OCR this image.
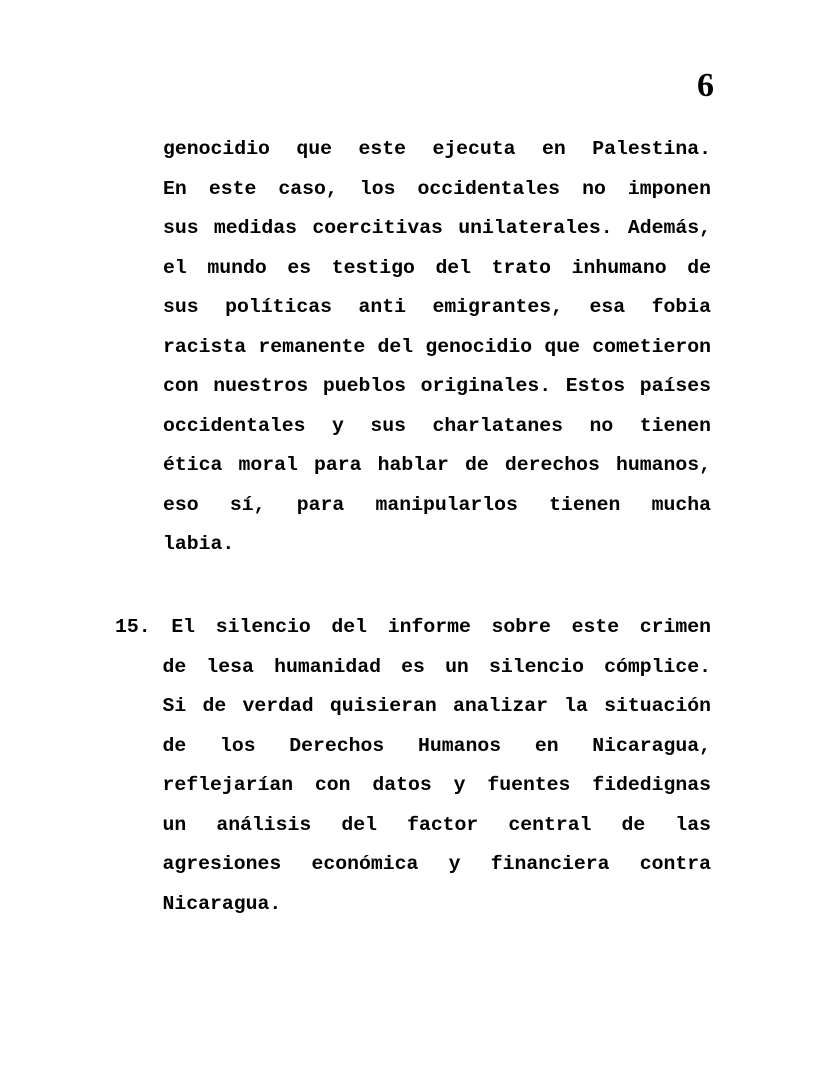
6
genocidio que este ejecuta en Palestina.
En este caso, los occidentales no imponen
sus medidas coercitivas unilaterales. Además,
el mundo es testigo del trato inhumano de
sus políticas anti emigrantes, esa fobia
racista remanente del genocidio que cometieron
con nuestros pueblos originales. Estos países
occidentales y sus charlatanes no tienen
ética moral para hablar de derechos humanos,
eso sí, para manipularlos tienen mucha
labia.
15. El silencio del informe sobre este crimen
de lesa humanidad es un silencio cómplice.
Si de verdad quisieran analizar la situación
de los Derechos Humanos en Nicaragua,
reflejarían con datos y fuentes fidedignas
un análisis del factor central de las
agresiones económica y financiera contra
Nicaragua.
